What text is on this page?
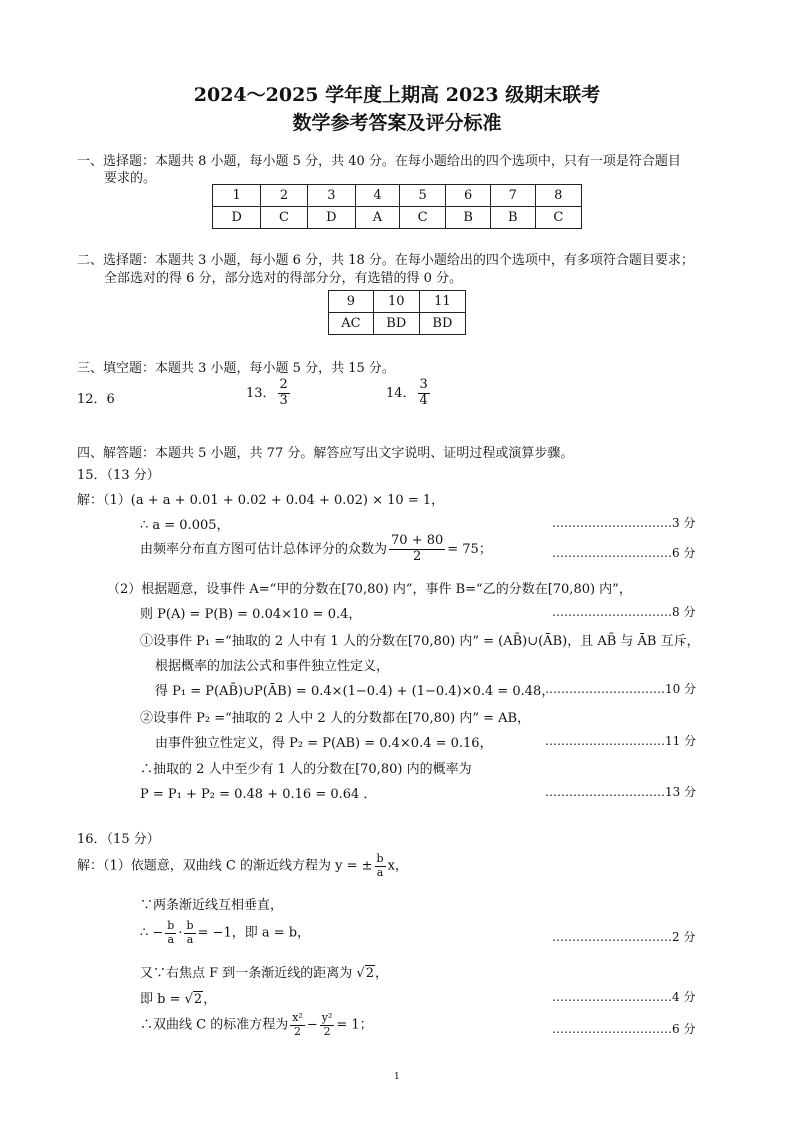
2024～2025 学年度上期高 2023 级期末联考
数学参考答案及评分标准
一、选择题：本题共 8 小题，每小题 5 分，共 40 分。在每小题给出的四个选项中，只有一项是符合题目
要求的。
1	2	3	4	5	6	7	8
D	C	D	A	C	B	B	C
二、选择题：本题共 3 小题，每小题 6 分，共 18 分。在每小题给出的四个选项中，有多项符合题目要求；
全部选对的得 6 分，部分选对的得部分分，有选错的得 0 分。
9	10	11
AC	BD	BD
三、填空题：本题共 3 小题，每小题 5 分，共 15 分。
12．6	13． $\frac{2}{3}$	14． $\frac{3}{4}$
四、解答题：本题共 5 小题，共 77 分。解答应写出文字说明、证明过程或演算步骤。
15．（13 分）
解：（1）(a + a + 0.01 + 0.02 + 0.04 + 0.02) × 10 = 1，
∴ a = 0.005，	…………………………3 分
由频率分布直方图可估计总体评分的众数为 $\frac{70 + 80}{2} = 75$；	…………………………6 分
（2）根据题意，设事件 A=“甲的分数在[70,80) 内”，事件 B=“乙的分数在[70,80) 内”，
则 P(A) = P(B) = 0.04×10 = 0.4，	…………………………8 分
①设事件 P₁ =“抽取的 2 人中有 1 人的分数在[70,80) 内” = (AB̄)∪(ĀB)，且 AB̄ 与 ĀB 互斥，
根据概率的加法公式和事件独立性定义，
得 P₁ = P(AB̄)∪P(ĀB) = 0.4×(1−0.4) + (1−0.4)×0.4 = 0.48，
…………………………10 分
②设事件 P₂ =“抽取的 2 人中 2 人的分数都在[70,80) 内” = AB，
由事件独立性定义，得 P₂ = P(AB) = 0.4×0.4 = 0.16，	…………………………11 分
∴抽取的 2 人中至少有 1 人的分数在[70,80) 内的概率为
P = P₁ + P₂ = 0.48 + 0.16 = 0.64 ．	…………………………13 分
16．（15 分）
解：（1）依题意，双曲线 C 的渐近线方程为 y = ± $\frac{b}{a}$ x，
∵两条渐近线互相垂直，
∴ − $\frac{b}{a} \cdot \frac{b}{a} = -1$，即 a = b，	…………………………2 分
又∵右焦点 F 到一条渐近线的距离为 √2，
即 b = √2，	…………………………4 分
∴双曲线 C 的标准方程为 $\frac{\text{x²}}{2} - \frac{\text{y²}}{2} = 1$；	…………………………6 分
1
